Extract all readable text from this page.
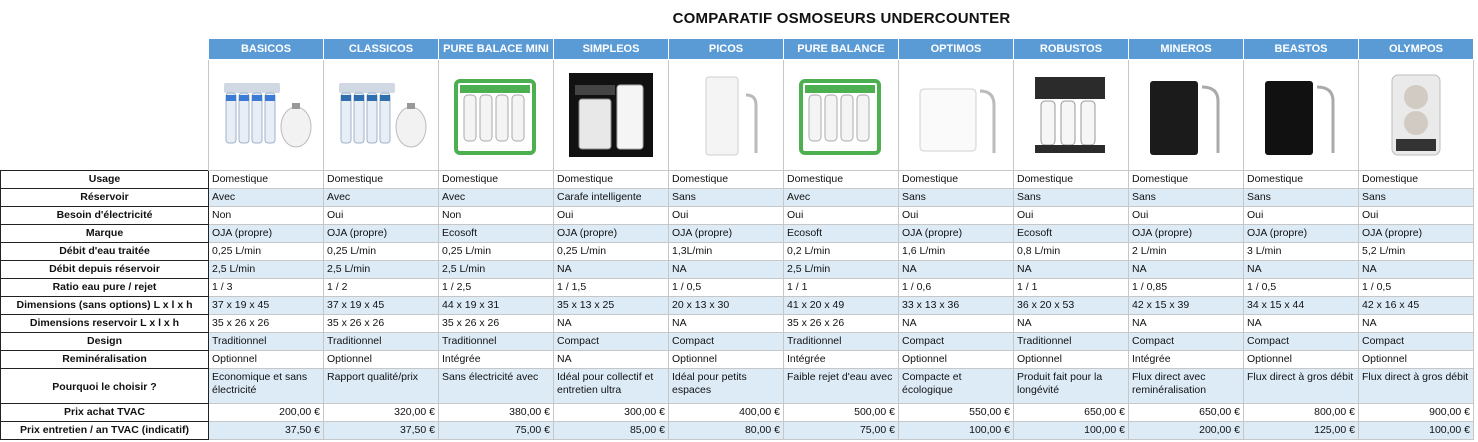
COMPARATIF OSMOSEURS UNDERCOUNTER
	BASICOS	CLASSICOS	PURE BALACE MINI	SIMPLEOS	PICOS	PURE BALANCE	OPTIMOS	ROBUSTOS	MINEROS	BEASTOS	OLYMPOS

Usage	Domestique	Domestique	Domestique	Domestique	Domestique	Domestique	Domestique	Domestique	Domestique	Domestique	Domestique
Réservoir	Avec	Avec	Avec	Carafe intelligente	Sans	Avec	Sans	Sans	Sans	Sans	Sans
Besoin d'électricité	Non	Oui	Non	Oui	Oui	Oui	Oui	Oui	Oui	Oui	Oui
Marque	OJA (propre)	OJA (propre)	Ecosoft	OJA (propre)	OJA (propre)	Ecosoft	OJA (propre)	Ecosoft	OJA (propre)	OJA (propre)	OJA (propre)
Débit d'eau traitée	0,25 L/min	0,25 L/min	0,25 L/min	0,25 L/min	1,3L/min	0,2 L/min	1,6 L/min	0,8 L/min	2 L/min	3 L/min	5,2 L/min
Débit depuis réservoir	2,5 L/min	2,5 L/min	2,5 L/min	NA	NA	2,5 L/min	NA	NA	NA	NA	NA
Ratio eau pure / rejet	1 / 3	1 / 2	1 / 2,5	1 / 1,5	1 / 0,5	1 / 1	1 / 0,6	1 / 1	1 / 0,85	1 / 0,5	1 / 0,5
Dimensions (sans options) L x l x h	37 x 19 x 45	37 x 19 x 45	44 x 19 x 31	35 x 13 x 25	20 x 13 x 30	41 x 20 x 49	33 x 13 x 36	36 x 20 x 53	42 x 15 x 39	34 x 15 x 44	42 x 16 x 45
Dimensions reservoir L x l x h	35 x 26 x 26	35 x 26 x 26	35 x 26 x 26	NA	NA	35 x 26 x 26	NA	NA	NA	NA	NA
Design	Traditionnel	Traditionnel	Traditionnel	Compact	Compact	Traditionnel	Compact	Traditionnel	Compact	Compact	Compact
Reminéralisation	Optionnel	Optionnel	Intégrée	NA	Optionnel	Intégrée	Optionnel	Optionnel	Intégrée	Optionnel	Optionnel
Pourquoi le choisir ?	Economique et sans électricité	Rapport qualité/prix	Sans électricité avec	Idéal pour collectif et entretien ultra	Idéal pour petits espaces	Faible rejet d'eau avec	Compacte et écologique	Produit fait pour la longévité	Flux direct avec reminéralisation	Flux direct à gros débit	Flux direct à gros débit
Prix achat TVAC	200,00 €	320,00 €	380,00 €	300,00 €	400,00 €	500,00 €	550,00 €	650,00 €	650,00 €	800,00 €	900,00 €
Prix entretien / an TVAC (indicatif)	37,50 €	37,50 €	75,00 €	85,00 €	80,00 €	75,00 €	100,00 €	100,00 €	200,00 €	125,00 €	100,00 €
